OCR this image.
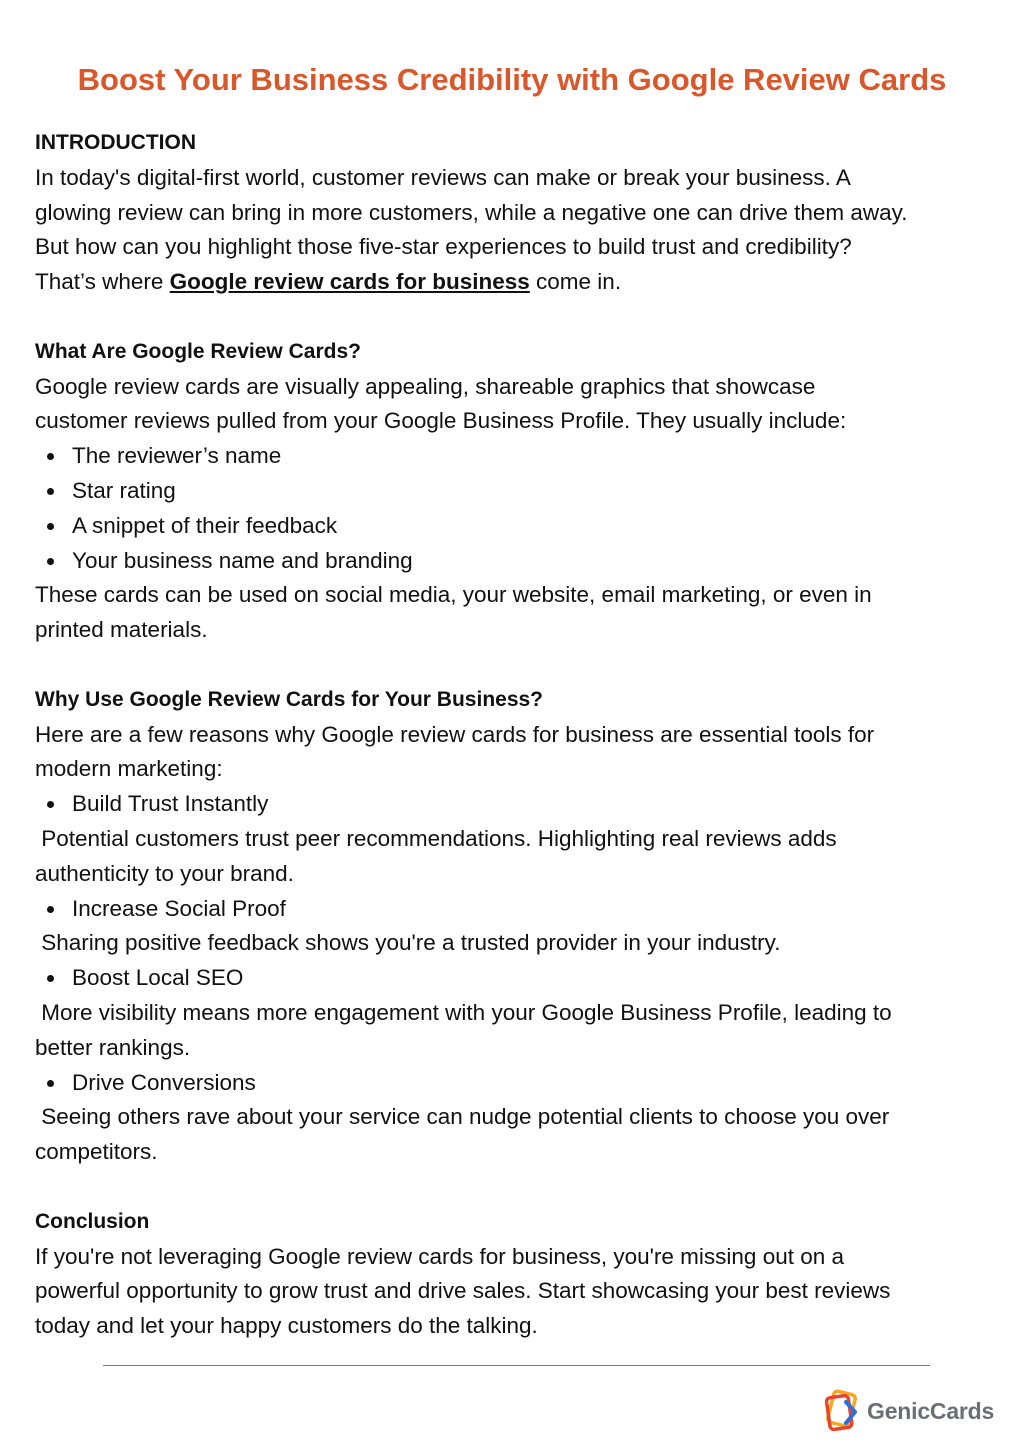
Boost Your Business Credibility with Google Review Cards

INTRODUCTION

In today's digital-first world, customer reviews can make or break your business. A

glowing review can bring in more customers, while a negative one can drive them away.

But how can you highlight those five-star experiences to build trust and credibility?

That’s where Google review cards for business come in.

What Are Google Review Cards?

Google review cards are visually appealing, shareable graphics that showcase

customer reviews pulled from your Google Business Profile. They usually include:

The reviewer’s name
Star rating
A snippet of their feedback
Your business name and branding

These cards can be used on social media, your website, email marketing, or even in

printed materials.

Why Use Google Review Cards for Your Business?

Here are a few reasons why Google review cards for business are essential tools for

modern marketing:

Build Trust Instantly

Potential customers trust peer recommendations. Highlighting real reviews adds

authenticity to your brand.

Increase Social Proof

Sharing positive feedback shows you're a trusted provider in your industry.

Boost Local SEO

More visibility means more engagement with your Google Business Profile, leading to

better rankings.

Drive Conversions

Seeing others rave about your service can nudge potential clients to choose you over

competitors.

Conclusion

If you're not leveraging Google review cards for business, you're missing out on a

powerful opportunity to grow trust and drive sales. Start showcasing your best reviews

today and let your happy customers do the talking.

GenicCards
